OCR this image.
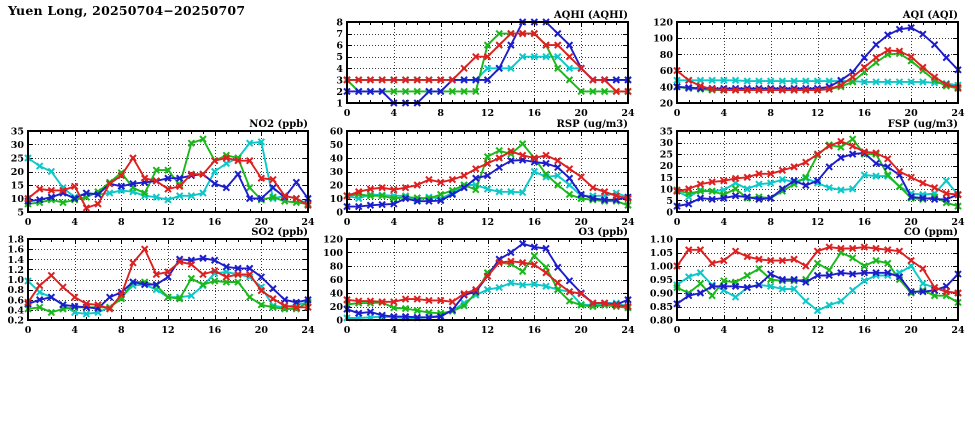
Yuen Long, 20250704−20250707	AQHI (AQHI)
1
2
3
4
5
6
7
8
0	4	8	12	16	20	24
AQI (AQI)
20
40
60
80
100
120
0	4	8	12	16	20	24
NO2 (ppb)
5
10
15
20
25
30
35
0	4	8	12	16	20	24
RSP (ug/m3)
0
10
20
30
40
50
60
0	4	8	12	16	20	24
FSP (ug/m3)
0
5
10
15
20
25
30
35
0	4	8	12	16	20	24
SO2 (ppb)
0.2
0.4
0.6
0.8
1.0
1.2
1.4
1.6
1.8
0	4	8	12	16	20	24
O3 (ppb)
0
20
40
60
80
100
120
0	4	8	12	16	20	24
CO (ppm)
0.80
0.85
0.90
0.95
1.00
1.05
1.10
0	4	8	12	16	20	24
